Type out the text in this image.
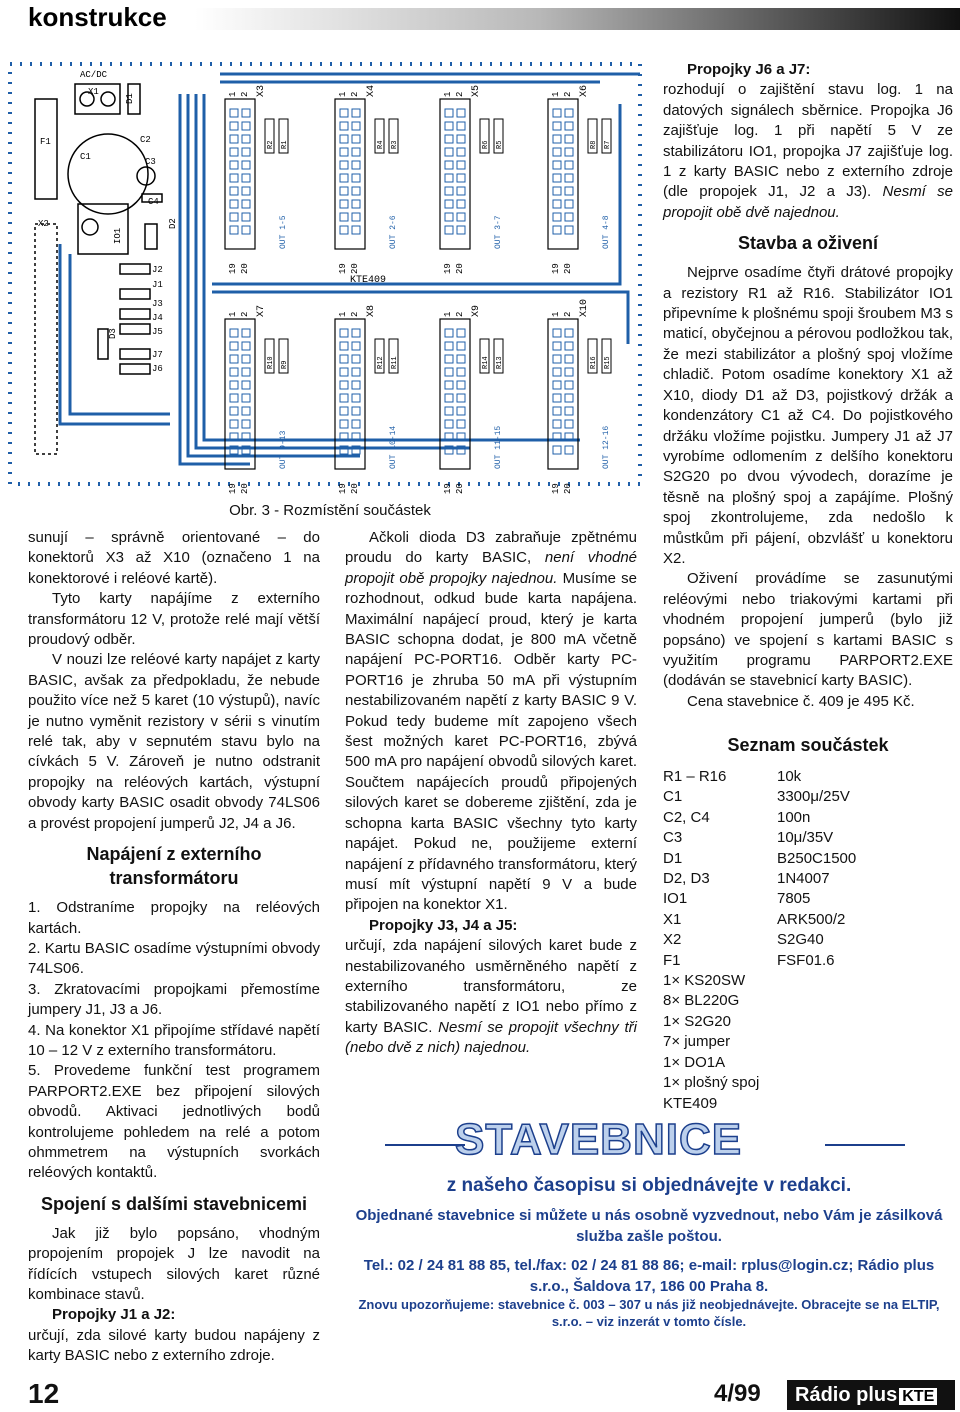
konstrukce
AC/DC
X1
D1
F1	C2
C1	C3
C4
X2
IO1
D2
J2
J1
J3
J4
J5
J7
J6
D3
KTE409
1 2
19 20
X3
OUT 1-5
R2 R1
1 2
19 20
X4
OUT 2-6
R4 R3
1 2
19 20
X5
OUT 3-7
R6 R5
1 2
19 20
X6
OUT 4-8
R8 R7
1 2
19 20
X7
OUT 9-13
R10 R9
1 2
19 20
X8
OUT 10-14
R12 R11
1 2
19 20
X9
OUT 11-15
R14 R13
1 2
19 20
X10
OUT 12-16
R16 R15
Obr. 3 - Rozmístění součástek

sunují – správně orientované – do konektorů X3 až X10 (označeno 1 na konektorové i reléové kartě).

Tyto karty napájíme z externího transformátoru 12 V, protože relé mají větší proudový odběr.

V nouzi lze reléové karty napájet z karty BASIC, avšak za předpokladu, že nebude použito více než 5 karet (10 výstupů), navíc je nutno vyměnit rezistory v sérii s vinutím relé tak, aby v sepnutém stavu bylo na cívkách 5 V. Zároveň je nutno odstranit propojky na reléových kartách, výstupní obvody karty BASIC osadit obvody 74LS06 a provést propojení jumperů J2, J4 a J6.

Napájení z externího transformátoru

1. Odstraníme propojky na reléových kartách.

2. Kartu BASIC osadíme výstupními obvody 74LS06.

3. Zkratovacími propojkami přemostíme jumpery J1, J3 a J6.

4. Na konektor X1 připojíme střídavé napětí 10 – 12 V z externího transformátoru.

5. Provedeme funkční test programem PARPORT2.EXE bez připojení silových obvodů. Aktivaci jednotlivých bodů kontrolujeme pohledem na relé a potom ohmmetrem na výstupních svorkách reléových kontaktů.

Spojení s dalšími stavebnicemi

Jak již bylo popsáno, vhodným propojením propojek J lze navodit na řídících vstupech silových karet různé kombinace stavů.

Propojky J1 a J2:

určují, zda silové karty budou napájeny z karty BASIC nebo z externího zdroje.

Ačkoli dioda D3 zabraňuje zpětnému proudu do karty BASIC, není vhodné propojit obě propojky najednou. Musíme se rozhodnout, odkud bude karta napájena. Maximální napájecí proud, který je karta BASIC schopna dodat, je 800 mA včetně napájení PC-PORT16. Odběr karty PC-PORT16 je zhruba 50 mA při výstupním nestabilizovaném napětí z karty BASIC 9 V. Pokud tedy budeme mít zapojeno všech šest možných karet PC-PORT16, zbývá 500 mA pro napájení obvodů silových karet. Součtem napájecích proudů připojených silových karet se dobereme zjištění, zda je schopna karta BASIC všechny tyto karty napájet. Pokud ne, použijeme externí napájení z přídavného transformátoru, který musí mít výstupní napětí 9 V a bude připojen na konektor X1.

Propojky J3, J4 a J5:

určují, zda napájení silových karet bude z nestabilizovaného usměrněného napětí z externího transformátoru, ze stabilizovaného napětí z IO1 nebo přímo z karty BASIC. Nesmí se propojit všechny tři (nebo dvě z nich) najednou.

Propojky J6 a J7:

rozhodují o zajištění stavu log. 1 na datových signálech sběrnice. Propojka J6 zajišťuje log. 1 při napětí 5 V ze stabilizátoru IO1, propojka J7 zajišťuje log. 1 z karty BASIC nebo z externího zdroje (dle propojek J1, J2 a J3). Nesmí se propojit obě dvě najednou.

Stavba a oživení

Nejprve osadíme čtyři drátové propojky a rezistory R1 až R16. Stabilizátor IO1 připevníme k plošnému spoji šroubem M3 s maticí, obyčejnou a pérovou podložkou tak, že mezi stabilizátor a plošný spoj vložíme chladič. Potom osadíme konektory X1 až X10, diody D1 až D3, pojistkový držák a kondenzátory C1 až C4. Do pojistkového držáku vložíme pojistku. Jumpery J1 až J7 vyrobíme odlomením z delšího konektoru S2G20 po dvou vývodech, dorazíme je těsně na plošný spoj a zapájíme. Plošný spoj zkontrolujeme, zda nedošlo k můstkům při pájení, obzvlášť u konektoru X2.

Oživení provádíme se zasunutými reléovými nebo triakovými kartami při vhodném propojení jumperů (bylo již popsáno) ve spojení s kartami BASIC s využitím programu PARPORT2.EXE (dodáván se stavebnicí karty BASIC).

Cena stavebnice č. 409 je 495 Kč.

Seznam součástek
R1 – R16	10k
C1	3300μ/25V
C2, C4	100n
C3	10μ/35V
D1	B250C1500
D2, D3	1N4007
IO1	7805
X1	ARK500/2
X2	S2G40
F1	FSF01.6
1× KS20SW
8× BL220G
1× S2G20
7× jumper
1× DO1A
1× plošný spoj KTE409
STAVEBNICE
z našeho časopisu si objednávejte v redakci.
Objednané stavebnice si můžete u nás osobně vyzvednout, nebo Vám je zásilková služba zašle poštou.
Tel.: 02 / 24 81 88 85, tel./fax: 02 / 24 81 88 86; e-mail: rplus@login.cz; Rádio plus s.r.o., Šaldova 17, 186 00 Praha 8.
Znovu upozorňujeme: stavebnice č. 003 – 307 u nás již neobjednávejte. Obracejte se na ELTIP, s.r.o. – viz inzerát v tomto čísle.
12	4/99	Rádio plus KTE
